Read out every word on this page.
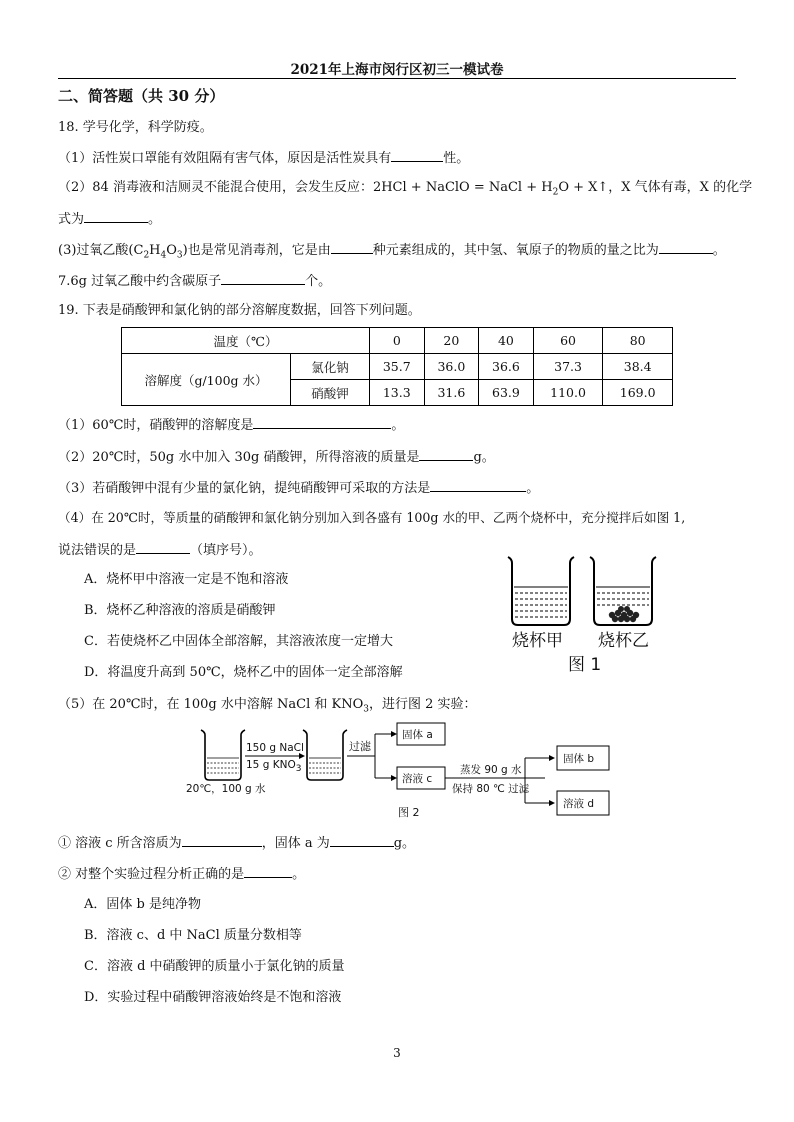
2021年上海市闵行区初三一模试卷
二、简答题（共 30 分）
18. 学号化学，科学防疫。
（1）活性炭口罩能有效阻隔有害气体，原因是活性炭具有	性。
（2）84 消毒液和洁厕灵不能混合使用，会发生反应：2HCl + NaClO = NaCl + $H_2O$ + X↑，X 气体有毒，X 的化学
式为	。
(3)过氧乙酸$(C_2H_4O_3)$也是常见消毒剂，它是由	种元素组成的，其中氢、氧原子的物质的量之比为	。
7.6g 过氧乙酸中约含碳原子	个。
19. 下表是硝酸钾和氯化钠的部分溶解度数据，回答下列问题。
温度（℃）		0	20	40	60	80
溶解度（g/100g 水）	氯化钠	35.7	36.0	36.6	37.3	38.4
	硝酸钾	13.3	31.6	63.9	110.0	169.0
（1）60℃时，硝酸钾的溶解度是	。
（2）20℃时，50g 水中加入 30g 硝酸钾，所得溶液的质量是	g。
（3）若硝酸钾中混有少量的氯化钠，提纯硝酸钾可采取的方法是	。
（4）在 20℃时，等质量的硝酸钾和氯化钠分别加入到各盛有 100g 水的甲、乙两个烧杯中，充分搅拌后如图 1,
说法错误的是	（填序号）。
A．烧杯甲中溶液一定是不饱和溶液
B．烧杯乙种溶液的溶质是硝酸钾
C．若使烧杯乙中固体全部溶解，其溶液浓度一定增大
D．将温度升高到 50℃，烧杯乙中的固体一定全部溶解
烧杯甲 烧杯乙
图 1
（5）在 20℃时，在 100g 水中溶解 NaCl 和 $KNO_3$，进行图 2 实验：
150 g NaCl
15 g $KNO_3$
20℃，100 g 水
过滤
固体 a
溶液 c
蒸发 90 g 水
保持 80 ℃ 过滤
固体 b
溶液 d
图 2
① 溶液 c 所含溶质为	，固体 a 为	g。
② 对整个实验过程分析正确的是	。
A．固体 b 是纯净物
B．溶液 c、d 中 NaCl 质量分数相等
C．溶液 d 中硝酸钾的质量小于氯化钠的质量
D．实验过程中硝酸钾溶液始终是不饱和溶液
3
